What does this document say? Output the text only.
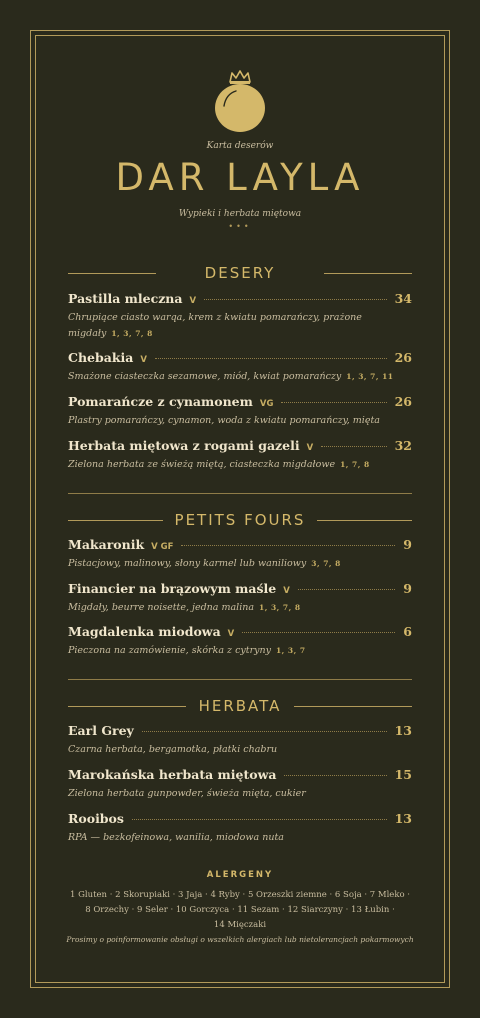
Karta deserów
DAR LAYLA
Wypieki i herbata miętowa
•••
DESERY
Pastilla mleczna V	34
Chrupiące ciasto warqa, krem z kwiatu pomarańczy, prażone migdały 1, 3, 7, 8
Chebakia V	26
Smażone ciasteczka sezamowe, miód, kwiat pomarańczy 1, 3, 7, 11
Pomarańcze z cynamonem VG	26
Plastry pomarańczy, cynamon, woda z kwiatu pomarańczy, mięta
Herbata miętowa z rogami gazeli V	32
Zielona herbata ze świeżą miętą, ciasteczka migdałowe 1, 7, 8
PETITS FOURS
Makaronik V GF	9
Pistacjowy, malinowy, słony karmel lub waniliowy 3, 7, 8
Financier na brązowym maśle V	9
Migdały, beurre noisette, jedna malina 1, 3, 7, 8
Magdalenka miodowa V	6
Pieczona na zamówienie, skórka z cytryny 1, 3, 7
HERBATA
Earl Grey	13
Czarna herbata, bergamotka, płatki chabru
Marokańska herbata miętowa	15
Zielona herbata gunpowder, świeża mięta, cukier
Rooibos	13
RPA — bezkofeinowa, wanilia, miodowa nuta
ALERGENY
1 Gluten · 2 Skorupiaki · 3 Jaja · 4 Ryby · 5 Orzeszki ziemne · 6 Soja · 7 Mleko ·
8 Orzechy · 9 Seler · 10 Gorczyca · 11 Sezam · 12 Siarczyny · 13 Łubin ·
14 Mięczaki
Prosimy o poinformowanie obsługi o wszelkich alergiach lub nietolerancjach pokarmowych
